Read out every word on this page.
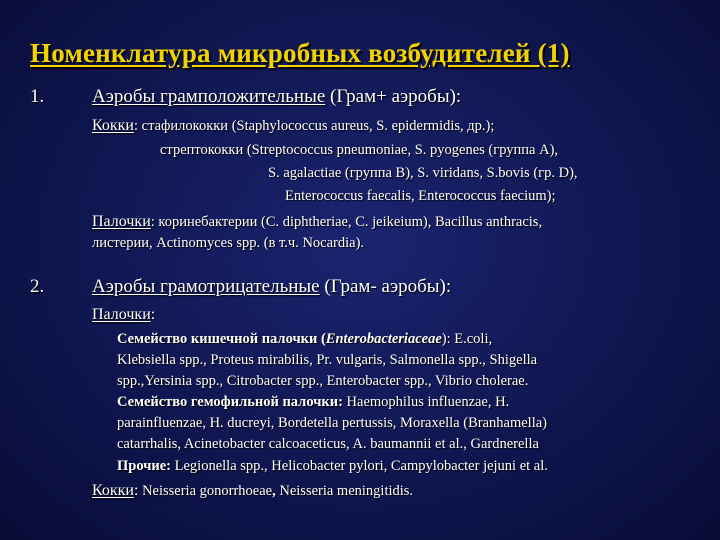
Номенклатура микробных возбудителей (1)
1.	Аэробы грамположительные (Грам+ аэробы):
Кокки: стафилококки (Staphylococcus aureus, S. epidermidis, др.);
стрептококки (Streptococcus pneumoniae, S. pyogenes (группа А),
S. agalactiae (группа В), S. viridans, S.bovis (гр. D),
Enterococcus faecalis, Enterococcus faecium);
Палочки: коринебактерии (C. diphtheriae, C. jeikeium), Bacillus anthracis,
листерии, Actinomyces spp. (в т.ч. Nocardia).
2.	Аэробы грамотрицательные (Грам- аэробы):
Палочки:
Семейство кишечной палочки (Enterobacteriaceae): E.coli,
Klebsiella spp., Proteus mirabilis, Pr. vulgaris, Salmonella spp., Shigella
spp.,Yersinia spp., Citrobacter spp., Enterobacter spp., Vibrio cholerae.
Семейство гемофильной палочки: Haemophilus influenzae, H.
parainfluenzae, H. ducreyi, Bordetella pertussis, Moraxella (Branhamella)
catarrhalis, Acinetobacter calcoaceticus, A. baumannii et al., Gardnerella
Прочие: Legionella spp., Helicobacter pylori, Campylobacter jejuni et al.
Кокки: Neisseria gonorrhoeae, Neisseria meningitidis.
